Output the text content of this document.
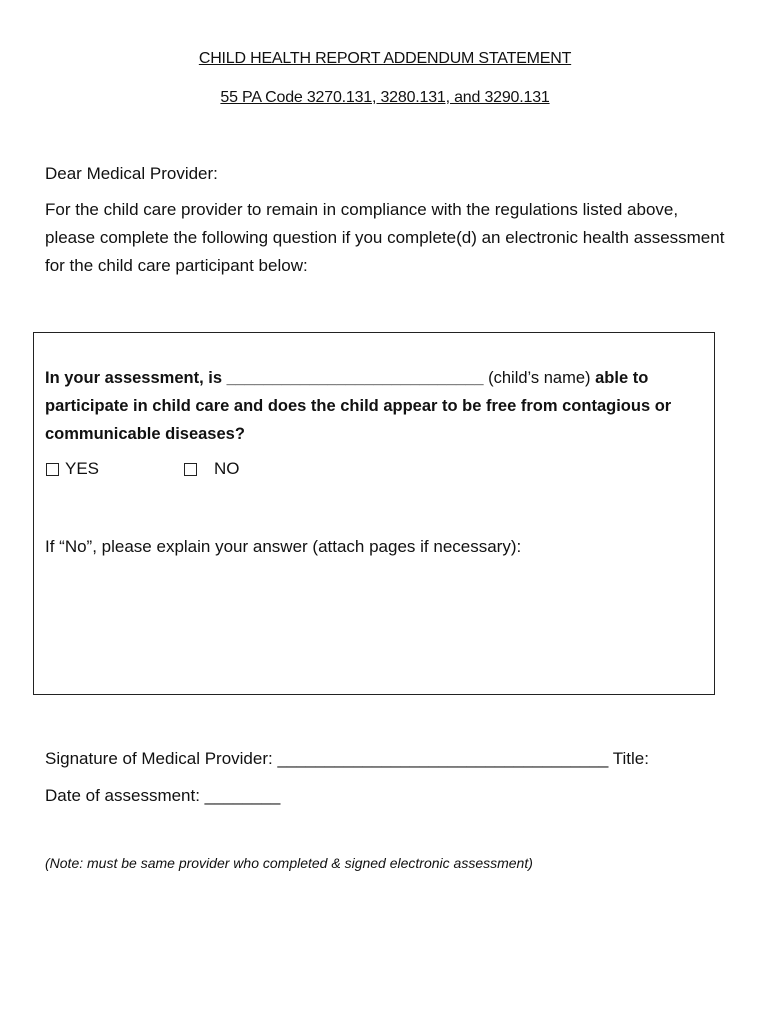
CHILD HEALTH REPORT ADDENDUM STATEMENT
55 PA Code 3270.131, 3280.131, and 3290.131
Dear Medical Provider:
For the child care provider to remain in compliance with the regulations listed above, please complete the following question if you complete(d) an electronic health assessment for the child care participant below:
In your assessment, is ____________________________ (child’s name) able to participate in child care and does the child appear to be free from contagious or communicable diseases?
YES	NO
If “No”, please explain your answer (attach pages if necessary):
Signature of Medical Provider: ___________________________________ Title:
Date of assessment: ________
(Note: must be same provider who completed & signed electronic assessment)
